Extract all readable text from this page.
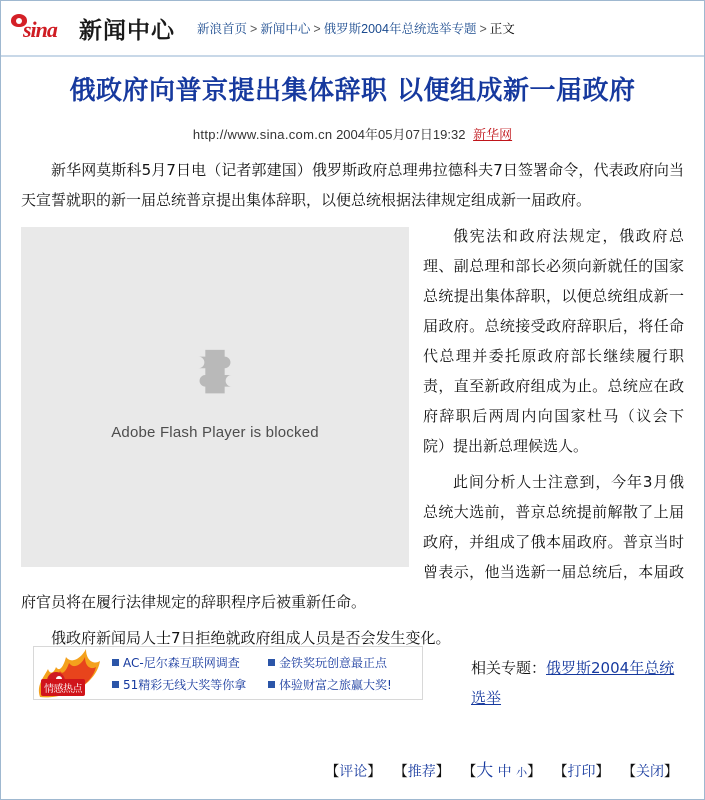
sina 新闻中心 新浪首页 > 新闻中心 > 俄罗斯2004年总统选举专题 > 正文
俄政府向普京提出集体辞职 以便组成新一届政府
http://www.sina.com.cn 2004年05月07日19:32 新华网

新华网莫斯科5月7日电（记者郭建国）俄罗斯政府总理弗拉德科夫7日签署命令，代表政府向当天宣誓就职的新一届总统普京提出集体辞职，以便总统根据法律规定组成新一届政府。

Adobe Flash Player is blocked

俄宪法和政府法规定，俄政府总理、副总理和部长必须向新就任的国家总统提出集体辞职，以便总统组成新一届政府。总统接受政府辞职后，将任命代总理并委托原政府部长继续履行职责，直至新政府组成为止。总统应在政府辞职后两周内向国家杜马（议会下院）提出新总理候选人。

此间分析人士注意到，今年3月俄总统大选前，普京总统提前解散了上届政府，并组成了俄本届政府。普京当时曾表示，他当选新一届总统后，本届政府官员将在履行法律规定的辞职程序后被重新任命。

俄政府新闻局人士7日拒绝就政府组成人员是否会发生变化。

情感热点
AC-尼尔森互联网调查	金铁奖玩创意最正点
51精彩无线大奖等你拿	体验财富之旅赢大奖!
相关专题：俄罗斯2004年总统选举
【评论】 【推荐】 【大 中 小】 【打印】 【关闭】
